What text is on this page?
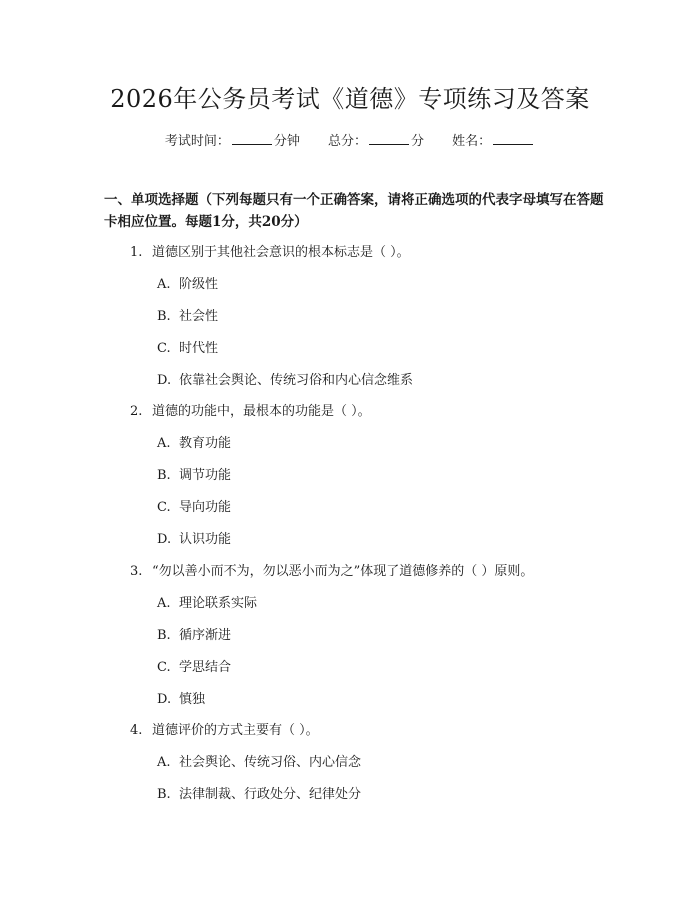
2026年公务员考试《道德》专项练习及答案
考试时间：	分钟 总分：	分 姓名：
一、单项选择题（下列每题只有一个正确答案，请将正确选项的代表字母填写在答题卡相应位置。每题1分，共20分）
1. 道德区别于其他社会意识的根本标志是（ ）。
A. 阶级性
B. 社会性
C. 时代性
D. 依靠社会舆论、传统习俗和内心信念维系
2. 道德的功能中，最根本的功能是（ ）。
A. 教育功能
B. 调节功能
C. 导向功能
D. 认识功能
3. “勿以善小而不为，勿以恶小而为之”体现了道德修养的（ ）原则。
A. 理论联系实际
B. 循序渐进
C. 学思结合
D. 慎独
4. 道德评价的方式主要有（ ）。
A. 社会舆论、传统习俗、内心信念
B. 法律制裁、行政处分、纪律处分
